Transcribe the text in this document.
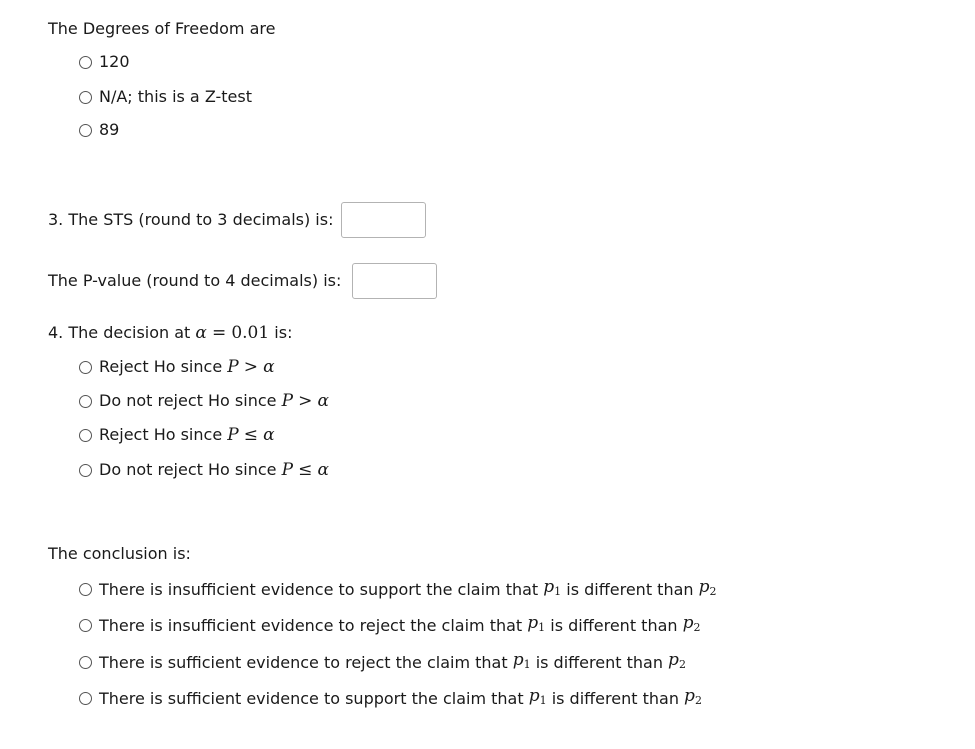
The Degrees of Freedom are
120
N/A; this is a Z-test
89
3. The STS (round to 3 decimals) is:
The P-value (round to 4 decimals) is:
4. The decision at α = 0.01 is:
Reject Ho since
P
>
α
Do not reject Ho since
P
>
α
Reject Ho since
P
≤
α
Do not reject Ho since
P
≤
α
The conclusion is:
There is insufficient evidence to support the claim that
$p_1$
is different than
$p_2$
There is insufficient evidence to reject the claim that
$p_1$
is different than
$p_2$
There is sufficient evidence to reject the claim that
$p_1$
is different than
$p_2$
There is sufficient evidence to support the claim that
$p_1$
is different than
$p_2$
